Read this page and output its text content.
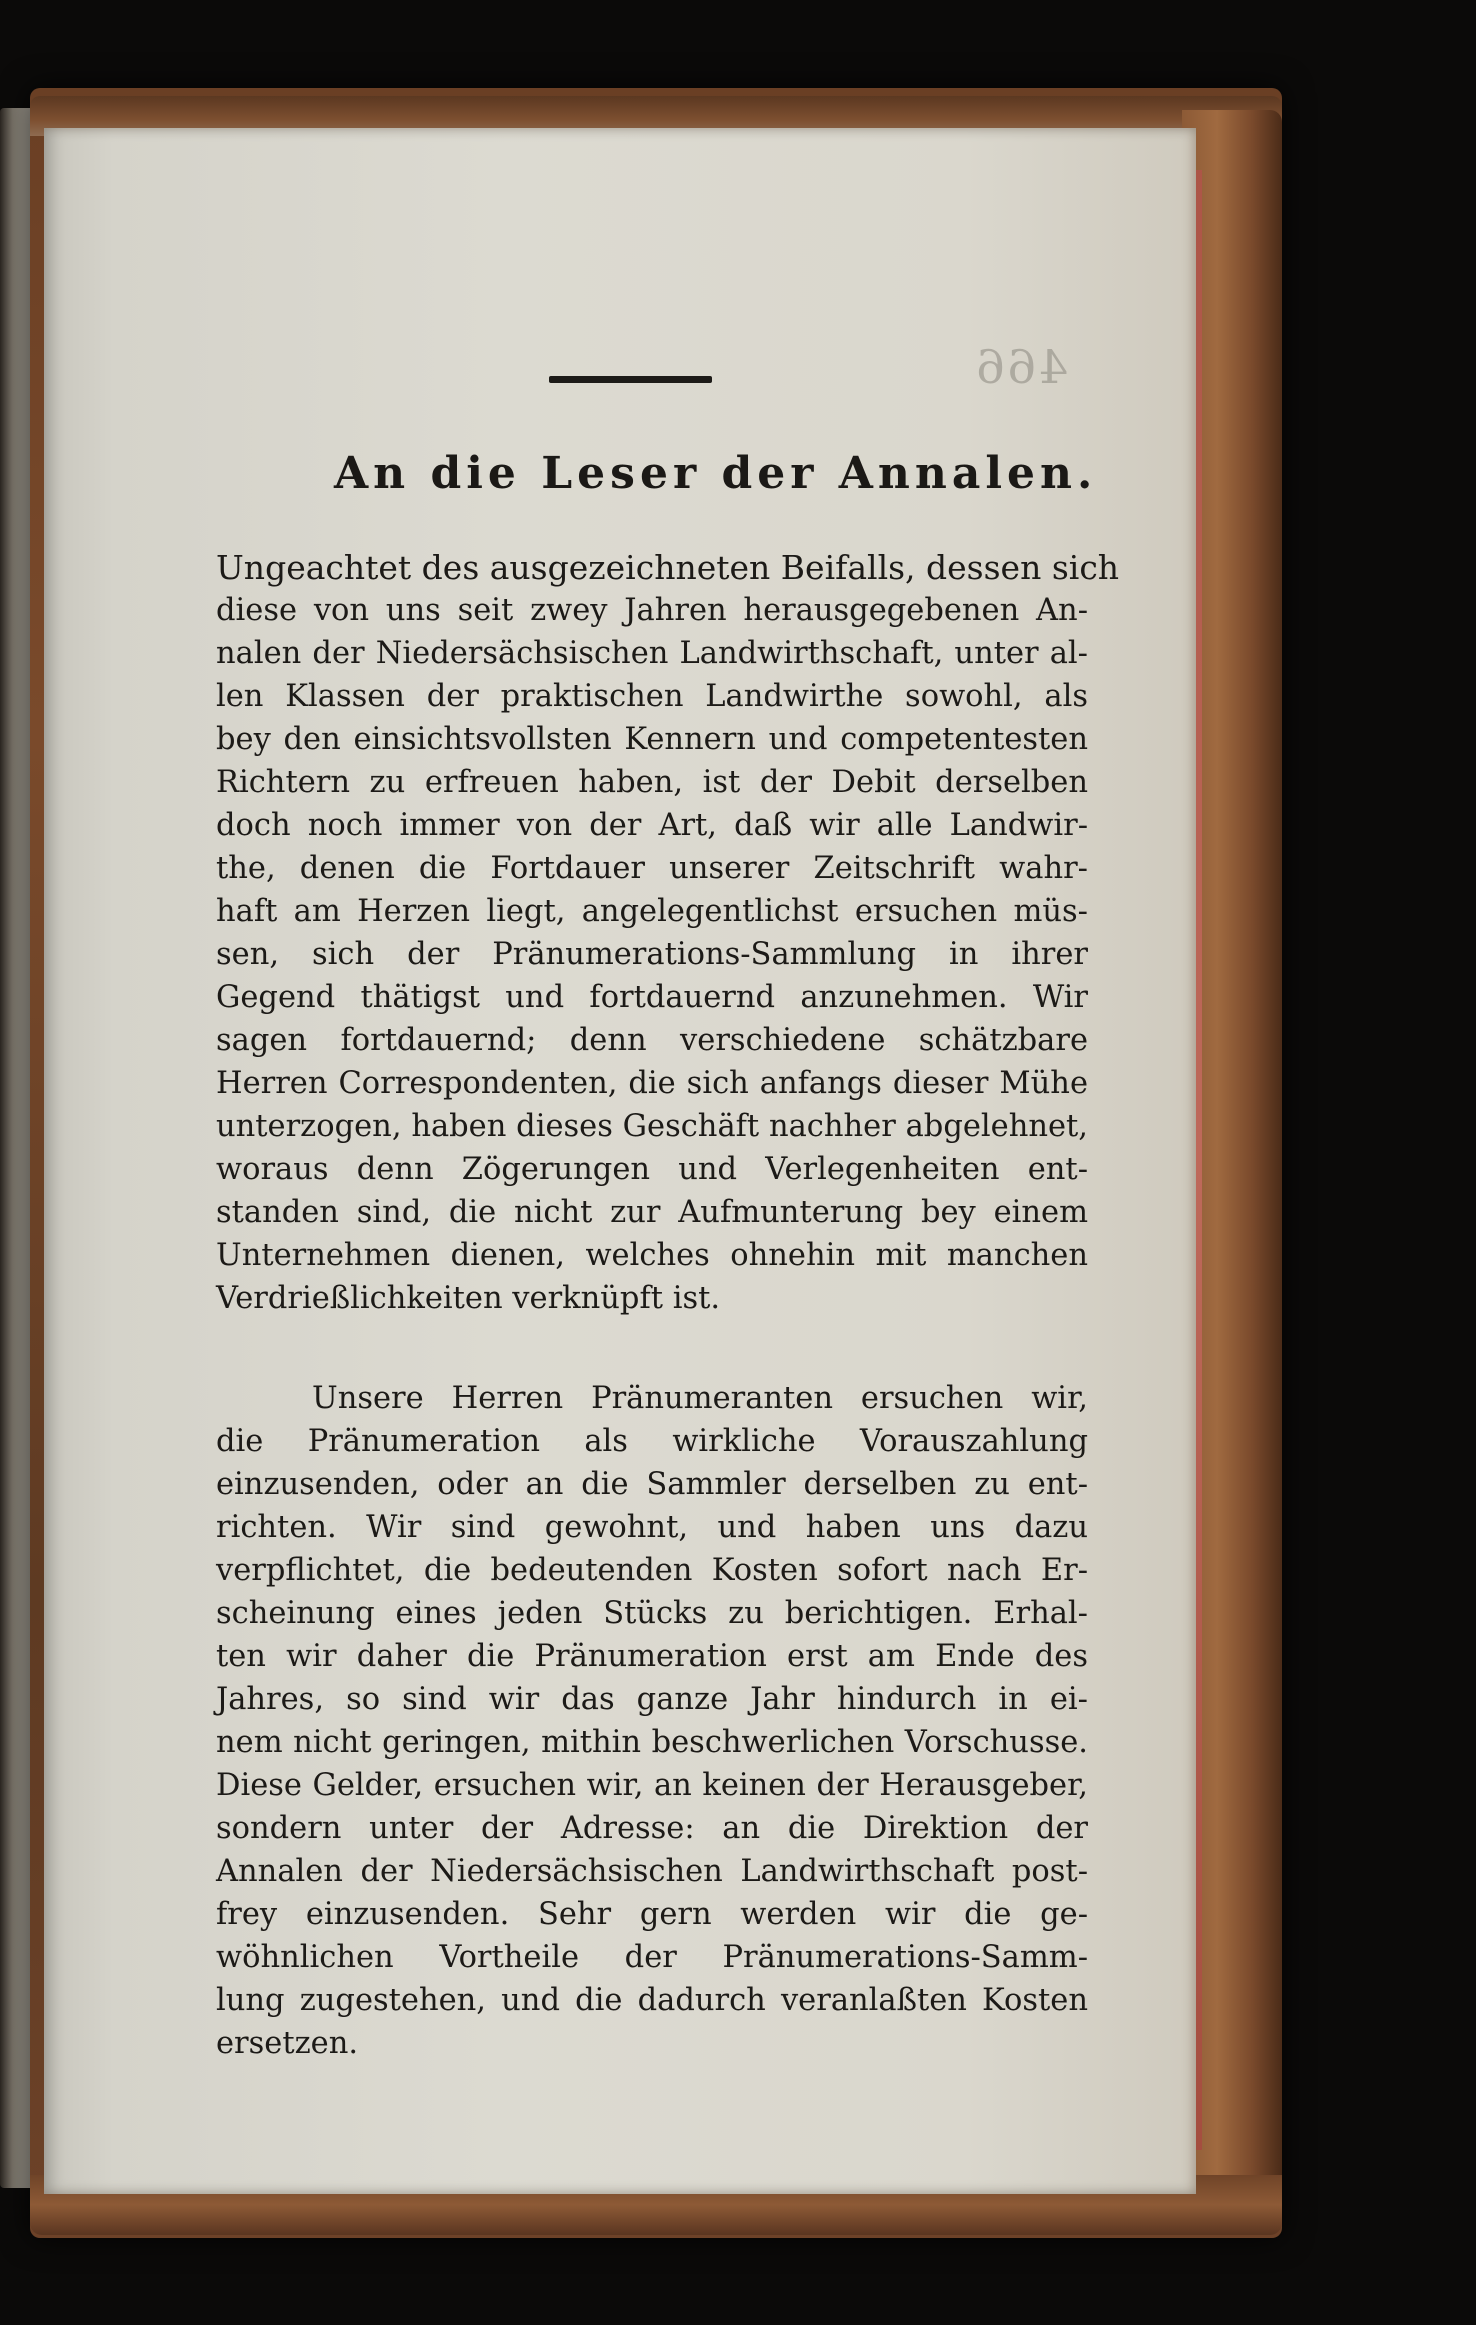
466
An die Leser der Annalen.
Ungeachtet des ausgezeichneten Beifalls, dessen sich
diese von uns seit zwey Jahren herausgegebenen An-
nalen der Niedersächsischen Landwirthschaft, unter al-
len Klassen der praktischen Landwirthe sowohl, als
bey den einsichtsvollsten Kennern und competentesten
Richtern zu erfreuen haben, ist der Debit derselben
doch noch immer von der Art, daß wir alle Landwir-
the, denen die Fortdauer unserer Zeitschrift wahr-
haft am Herzen liegt, angelegentlichst ersuchen müs-
sen, sich der Pränumerations-Sammlung in ihrer
Gegend thätigst und fortdauernd anzunehmen. Wir
sagen fortdauernd; denn verschiedene schätzbare
Herren Correspondenten, die sich anfangs dieser Mühe
unterzogen, haben dieses Geschäft nachher abgelehnet,
woraus denn Zögerungen und Verlegenheiten ent-
standen sind, die nicht zur Aufmunterung bey einem
Unternehmen dienen, welches ohnehin mit manchen
Verdrießlichkeiten verknüpft ist.
Unsere Herren Pränumeranten ersuchen wir,
die Pränumeration als wirkliche Vorauszahlung
einzusenden, oder an die Sammler derselben zu ent-
richten. Wir sind gewohnt, und haben uns dazu
verpflichtet, die bedeutenden Kosten sofort nach Er-
scheinung eines jeden Stücks zu berichtigen. Erhal-
ten wir daher die Pränumeration erst am Ende des
Jahres, so sind wir das ganze Jahr hindurch in ei-
nem nicht geringen, mithin beschwerlichen Vorschusse.
Diese Gelder, ersuchen wir, an keinen der Herausgeber,
sondern unter der Adresse: an die Direktion der
Annalen der Niedersächsischen Landwirthschaft post-
frey einzusenden. Sehr gern werden wir die ge-
wöhnlichen Vortheile der Pränumerations-Samm-
lung zugestehen, und die dadurch veranlaßten Kosten
ersetzen.
